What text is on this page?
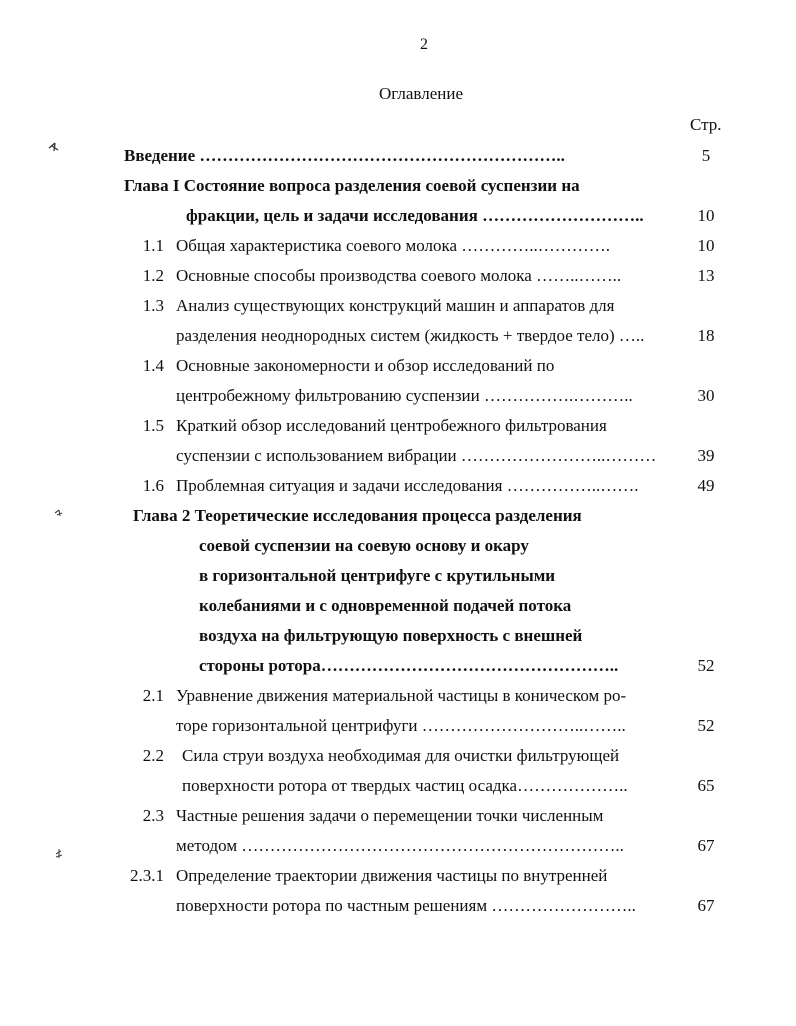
2
Оглавление
Стр.
Введение ………………………………………………………..	5
Глава I Состояние вопроса разделения соевой суспензии на
фракции, цель и задачи исследования ………………………..	10
1.1 Общая характеристика соевого молока …………..………….	10
1.2 Основные способы производства соевого молока ……..……..	13
1.3 Анализ существующих конструкций машин и аппаратов для
разделения неоднородных систем (жидкость + твердое тело) …..	18
1.4 Основные закономерности и обзор исследований по
центробежному фильтрованию суспензии …………….………..	30
1.5 Краткий обзор исследований центробежного фильтрования
суспензии с использованием вибрации ……………………..………	39
1.6 Проблемная ситуация и задачи исследования ……………..…….	49
Глава 2 Теоретические исследования процесса разделения
соевой суспензии на соевую основу и окару
в горизонтальной центрифуге с крутильными
колебаниями и с одновременной подачей потока
воздуха на фильтрующую поверхность с внешней
стороны ротора……………………………………………..	52
2.1 Уравнение движения материальной частицы в коническом ро-
торе горизонтальной центрифуги ………………………..……..	52
2.2 Сила струи воздуха необходимая для очистки фильтрующей
поверхности ротора от твердых частиц осадка………………..	65
2.3 Частные решения задачи о перемещении точки численным
методом …………………………………………………………..	67
2.3.1 Определение траектории движения частицы по внутренней
поверхности ротора по частным решениям ……………………..	67
